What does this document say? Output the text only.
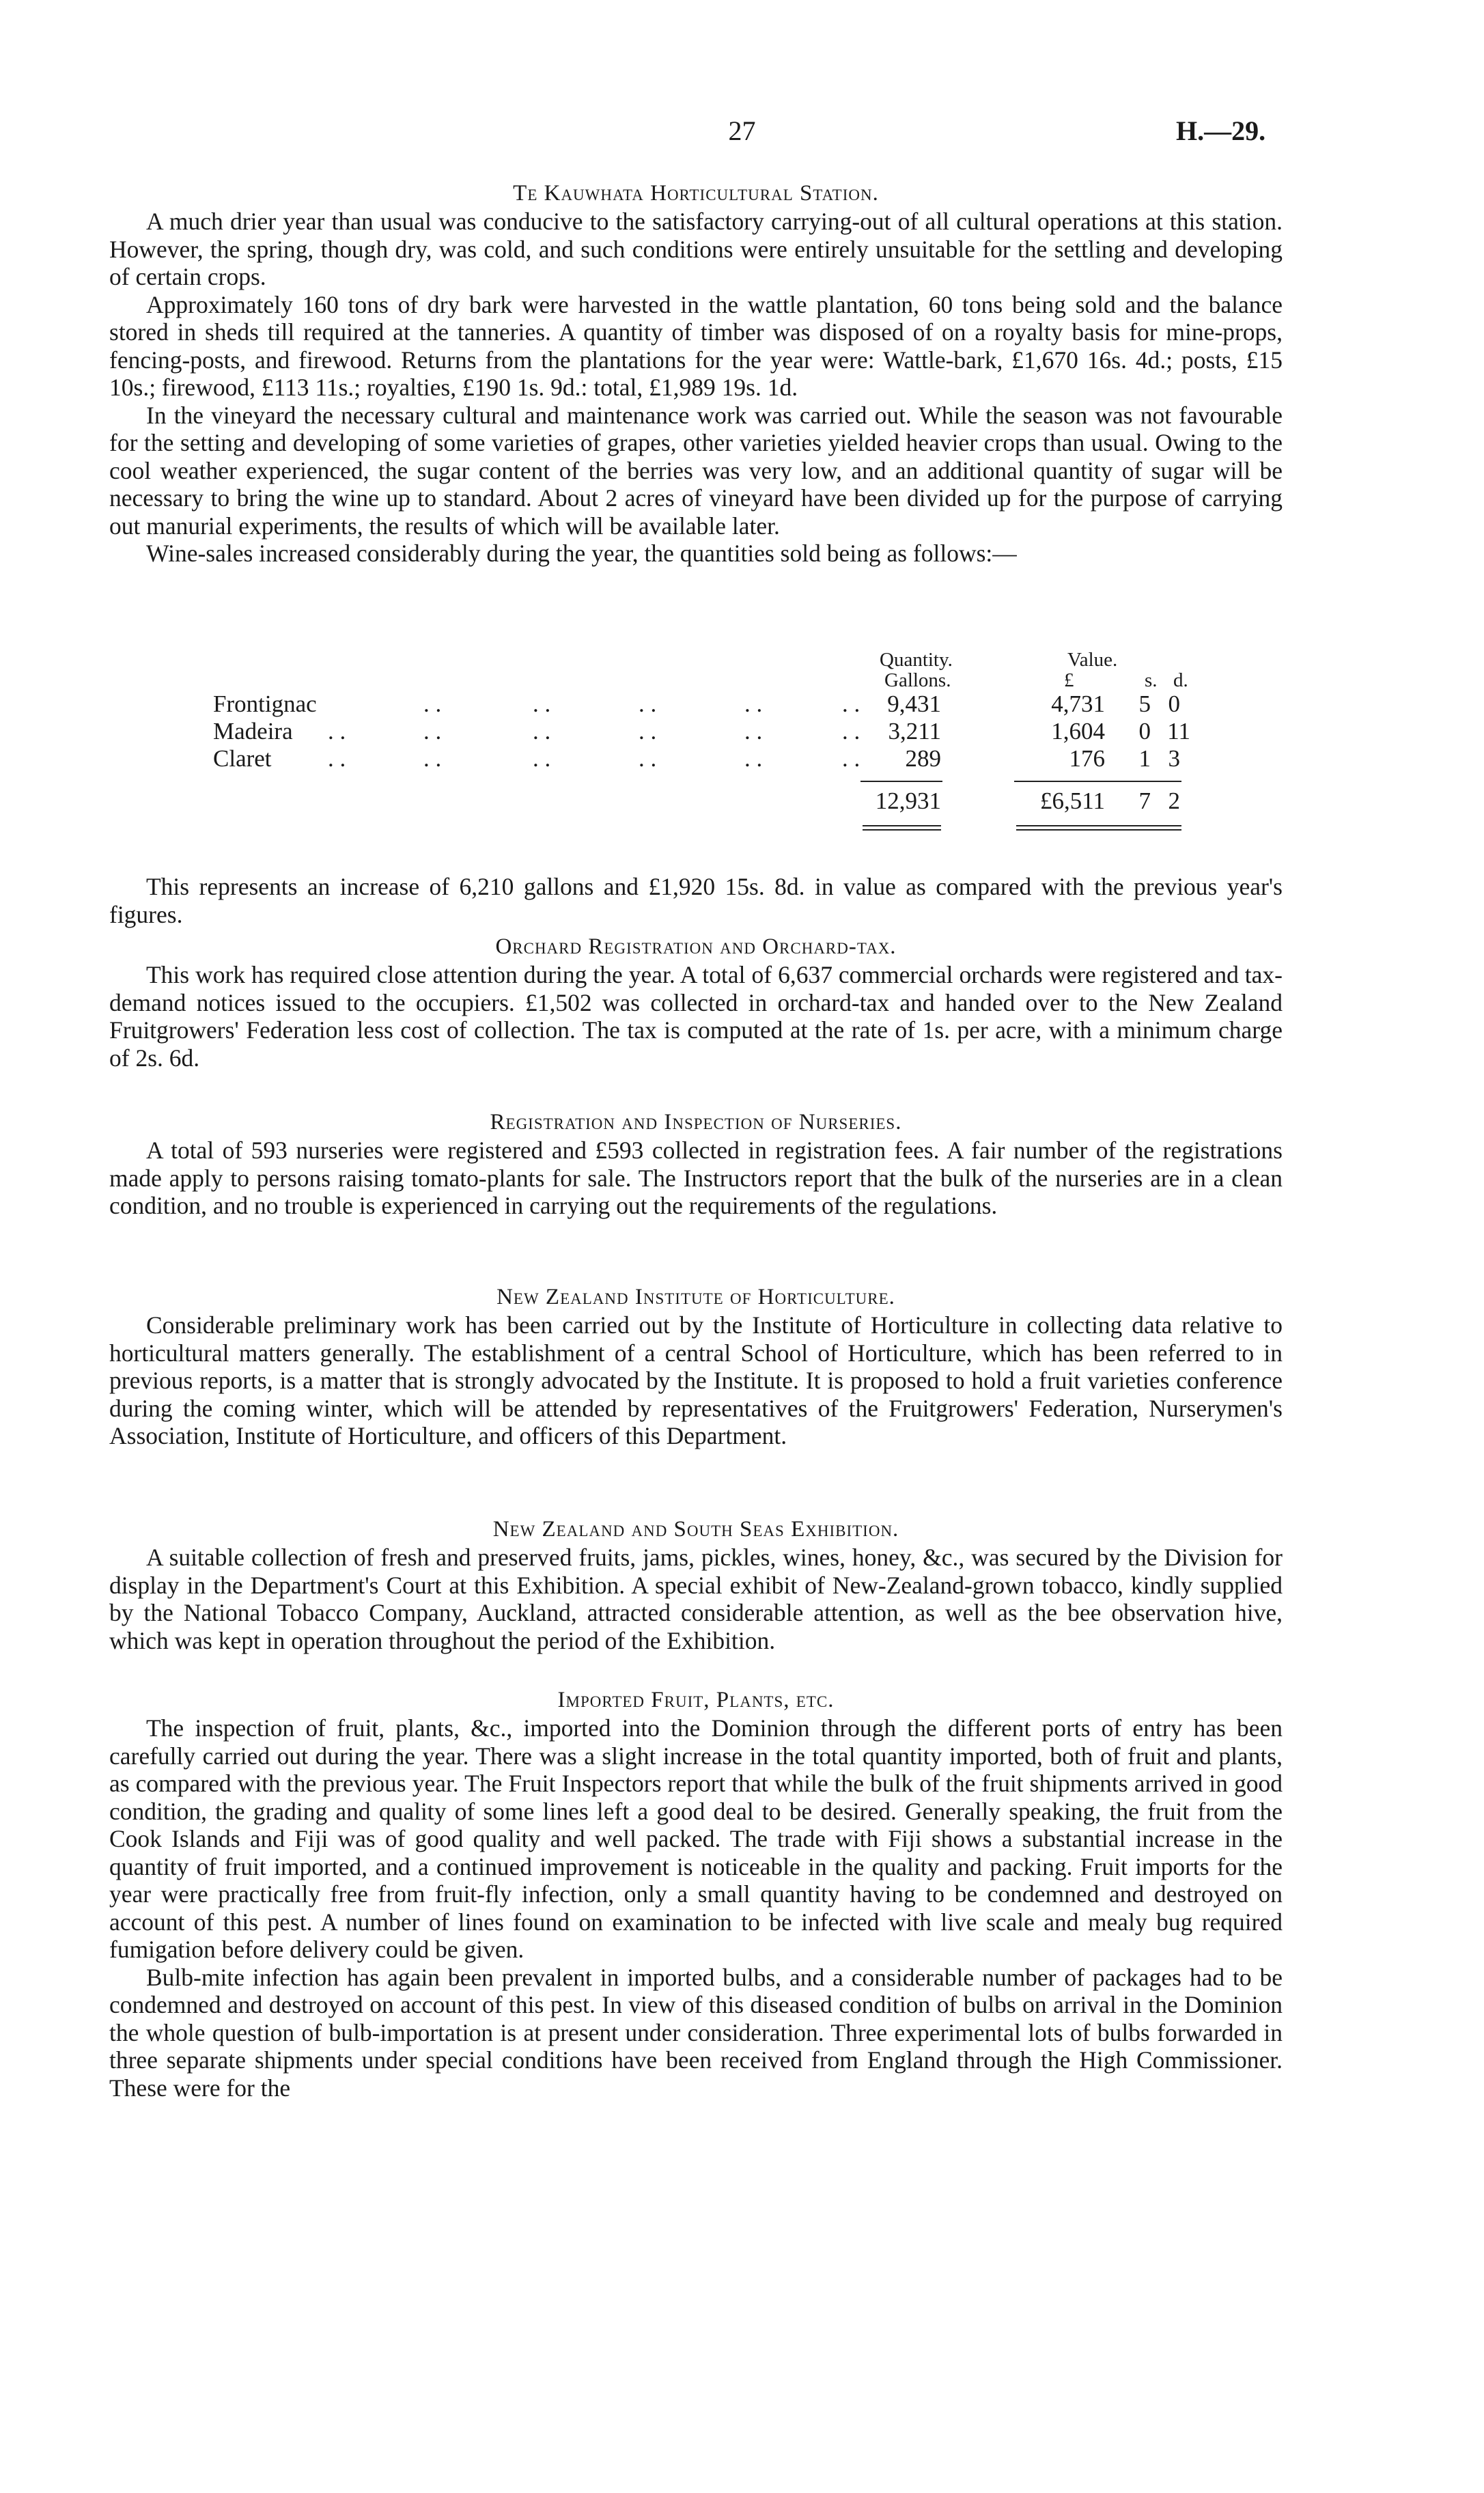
27	H.—29.
Te Kauwhata Horticultural Station.
A much drier year than usual was conducive to the satisfactory carrying-out of all cultural operations at this station. However, the spring, though dry, was cold, and such conditions were entirely unsuitable for the settling and developing of certain crops.
Approximately 160 tons of dry bark were harvested in the wattle plantation, 60 tons being sold and the balance stored in sheds till required at the tanneries. A quantity of timber was disposed of on a royalty basis for mine-props, fencing-posts, and firewood. Returns from the plantations for the year were: Wattle-bark, £1,670 16s. 4d.; posts, £15 10s.; firewood, £113 11s.; royalties, £190 1s. 9d.: total, £1,989 19s. 1d.
In the vineyard the necessary cultural and maintenance work was carried out. While the season was not favourable for the setting and developing of some varieties of grapes, other varieties yielded heavier crops than usual. Owing to the cool weather experienced, the sugar content of the berries was very low, and an additional quantity of sugar will be necessary to bring the wine up to standard. About 2 acres of vineyard have been divided up for the purpose of carrying out manurial experiments, the results of which will be available later.
Wine-sales increased considerably during the year, the quantities sold being as follows:—
Quantity.
Gallons.
Value.
£	s. d.
Frontignac	. .	. .	. .	. .	. . 9,431	4,731 5 0
Madeira . .	. .	. .	. .	. .	. . 3,211	1,604 0 11
Claret . .	. .	. .	. .	. .	. . 289	176 1 3
12,931	£6,511 7 2
This represents an increase of 6,210 gallons and £1,920 15s. 8d. in value as compared with the previous year's figures.
Orchard Registration and Orchard-tax.
This work has required close attention during the year. A total of 6,637 commercial orchards were registered and tax-demand notices issued to the occupiers. £1,502 was collected in orchard-tax and handed over to the New Zealand Fruitgrowers' Federation less cost of collection. The tax is computed at the rate of 1s. per acre, with a minimum charge of 2s. 6d.
Registration and Inspection of Nurseries.
A total of 593 nurseries were registered and £593 collected in registration fees. A fair number of the registrations made apply to persons raising tomato-plants for sale. The Instructors report that the bulk of the nurseries are in a clean condition, and no trouble is experienced in carrying out the requirements of the regulations.
New Zealand Institute of Horticulture.
Considerable preliminary work has been carried out by the Institute of Horticulture in collecting data relative to horticultural matters generally. The establishment of a central School of Horticulture, which has been referred to in previous reports, is a matter that is strongly advocated by the Institute. It is proposed to hold a fruit varieties conference during the coming winter, which will be attended by representatives of the Fruitgrowers' Federation, Nurserymen's Association, Institute of Horticulture, and officers of this Department.
New Zealand and South Seas Exhibition.
A suitable collection of fresh and preserved fruits, jams, pickles, wines, honey, &c., was secured by the Division for display in the Department's Court at this Exhibition. A special exhibit of New-Zealand-grown tobacco, kindly supplied by the National Tobacco Company, Auckland, attracted considerable attention, as well as the bee observation hive, which was kept in operation throughout the period of the Exhibition.
Imported Fruit, Plants, etc.
The inspection of fruit, plants, &c., imported into the Dominion through the different ports of entry has been carefully carried out during the year. There was a slight increase in the total quantity imported, both of fruit and plants, as compared with the previous year. The Fruit Inspectors report that while the bulk of the fruit shipments arrived in good condition, the grading and quality of some lines left a good deal to be desired. Generally speaking, the fruit from the Cook Islands and Fiji was of good quality and well packed. The trade with Fiji shows a substantial increase in the quantity of fruit imported, and a continued improvement is noticeable in the quality and packing. Fruit imports for the year were practically free from fruit-fly infection, only a small quantity having to be condemned and destroyed on account of this pest. A number of lines found on examination to be infected with live scale and mealy bug required fumigation before delivery could be given.
Bulb-mite infection has again been prevalent in imported bulbs, and a considerable number of packages had to be condemned and destroyed on account of this pest. In view of this diseased condition of bulbs on arrival in the Dominion the whole question of bulb-importation is at present under consideration. Three experimental lots of bulbs forwarded in three separate shipments under special conditions have been received from England through the High Commissioner. These were for the
